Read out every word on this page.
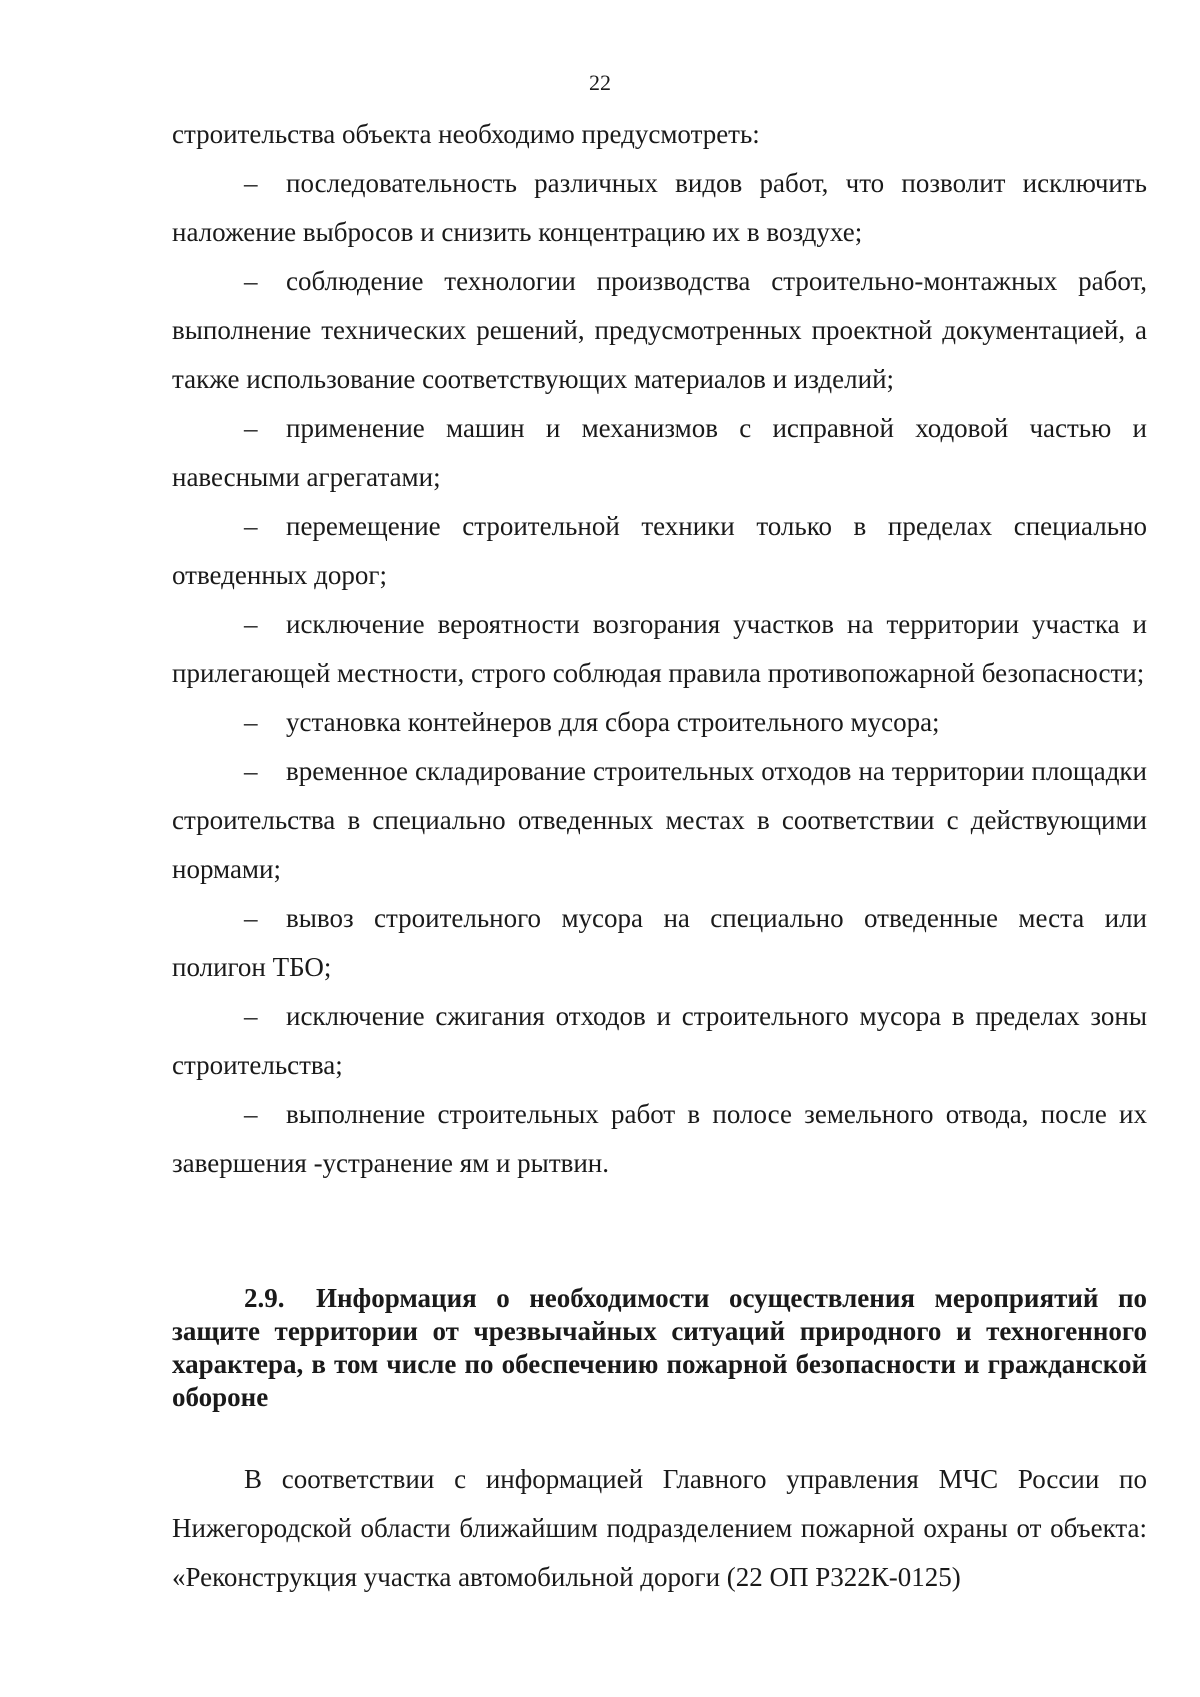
22

строительства объекта необходимо предусмотреть:

– последовательность различных видов работ, что позволит исключить наложение выбросов и снизить концентрацию их в воздухе;

– соблюдение технологии производства строительно-монтажных работ, выполнение технических решений, предусмотренных проектной документацией, а также использование соответствующих материалов и изделий;

– применение машин и механизмов с исправной ходовой частью и навесными агрегатами;

– перемещение строительной техники только в пределах специально отведенных дорог;

– исключение вероятности возгорания участков на территории участка и прилегающей местности, строго соблюдая правила противопожарной безопасности;

– установка контейнеров для сбора строительного мусора;

– временное складирование строительных отходов на территории площадки строительства в специально отведенных местах в соответствии с действующими нормами;

– вывоз строительного мусора на специально отведенные места или полигон ТБО;

– исключение сжигания отходов и строительного мусора в пределах зоны строительства;

– выполнение строительных работ в полосе земельного отвода, после их завершения -устранение ям и рытвин.

2.9. Информация о необходимости осуществления мероприятий по защите территории от чрезвычайных ситуаций природного и техногенного характера, в том числе по обеспечению пожарной безопасности и гражданской обороне

В соответствии с информацией Главного управления МЧС России по Нижегородской области ближайшим подразделением пожарной охраны от объекта: «Реконструкция участка автомобильной дороги (22 ОП Р322К-0125)
